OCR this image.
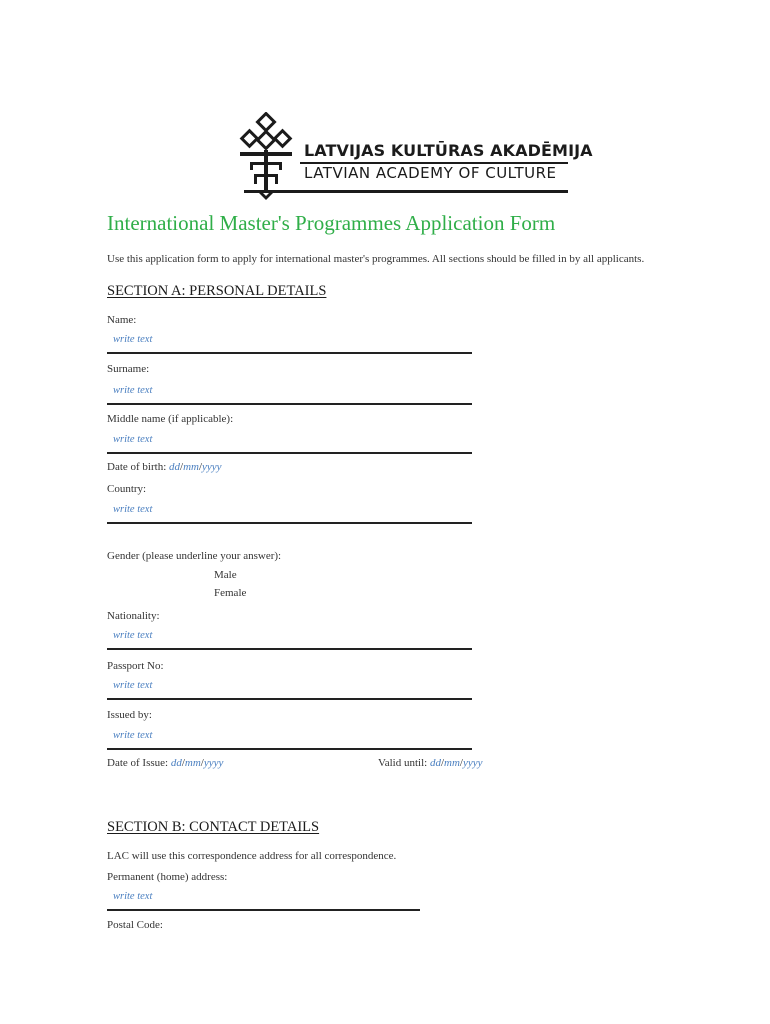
LATVIJAS KULTŪRAS AKADĒMIJA
LATVIAN ACADEMY OF CULTURE
International Master's Programmes Application Form
Use this application form to apply for international master's programmes. All sections should be filled in by all applicants.
SECTION A: PERSONAL DETAILS
Name:
write text
Surname:
write text
Middle name (if applicable):
write text
Date of birth: dd/mm/yyyy
Country:
write text
Gender (please underline your answer):
Male
Female
Nationality:
write text
Passport No:
write text
Issued by:
write text
Date of Issue: dd/mm/yyyy	Valid until: dd/mm/yyyy
SECTION B: CONTACT DETAILS
LAC will use this correspondence address for all correspondence.
Permanent (home) address:
write text
Postal Code:
